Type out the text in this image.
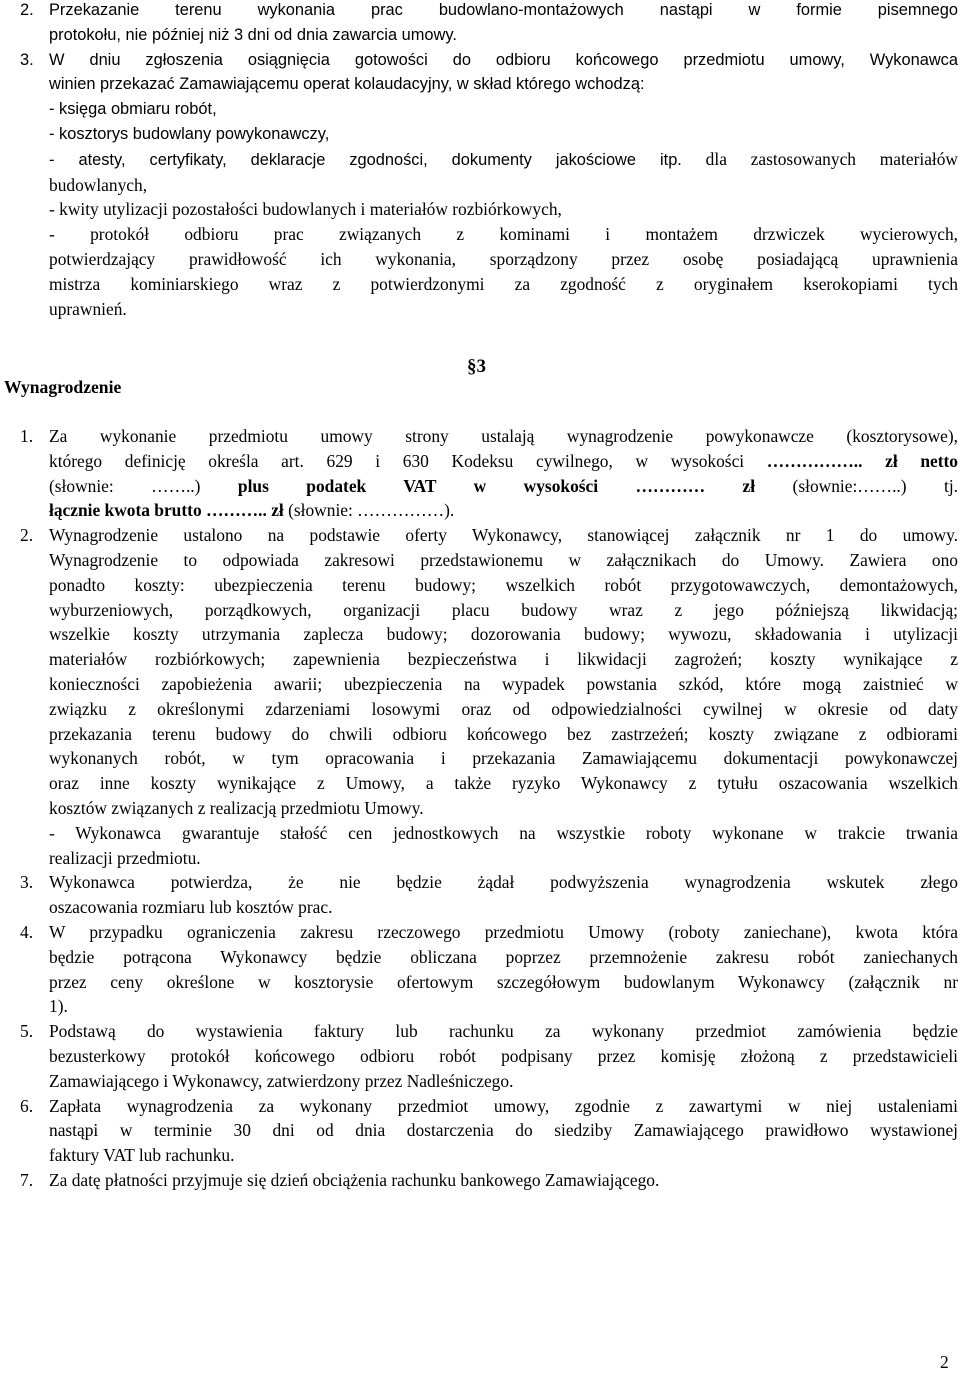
2. Przekazanie terenu wykonania prac budowlano-montażowych nastąpi w formie pisemnego
protokołu, nie później niż 3 dni od dnia zawarcia umowy.
3. W dniu zgłoszenia osiągnięcia gotowości do odbioru końcowego przedmiotu umowy, Wykonawca
winien przekazać Zamawiającemu operat kolaudacyjny, w skład którego wchodzą:
- księga obmiaru robót,
- kosztorys budowlany powykonawczy,
- atesty, certyfikaty, deklaracje zgodności, dokumenty jakościowe itp. dla zastosowanych materiałów
budowlanych,
- kwity utylizacji pozostałości budowlanych i materiałów rozbiórkowych,
- protokół odbioru prac związanych z kominami i montażem drzwiczek wycierowych,
potwierdzający prawidłowość ich wykonania, sporządzony przez osobę posiadającą uprawnienia
mistrza kominiarskiego wraz z potwierdzonymi za zgodność z oryginałem kserokopiami tych
uprawnień.
Wynagrodzenie
§3
1. Za wykonanie przedmiotu umowy strony ustalają wynagrodzenie powykonawcze (kosztorysowe),
którego definicję określa art. 629 i 630 Kodeksu cywilnego, w wysokości …………….. zł netto
(słownie: ……..) plus podatek VAT w wysokości ………… zł (słownie:……..) tj.
łącznie kwota brutto ……….. zł (słownie: ……………).
2. Wynagrodzenie ustalono na podstawie oferty Wykonawcy, stanowiącej załącznik nr 1 do umowy.
Wynagrodzenie to odpowiada zakresowi przedstawionemu w załącznikach do Umowy. Zawiera ono
ponadto koszty: ubezpieczenia terenu budowy; wszelkich robót przygotowawczych, demontażowych,
wyburzeniowych, porządkowych, organizacji placu budowy wraz z jego późniejszą likwidacją;
wszelkie koszty utrzymania zaplecza budowy; dozorowania budowy; wywozu, składowania i utylizacji
materiałów rozbiórkowych; zapewnienia bezpieczeństwa i likwidacji zagrożeń; koszty wynikające z
konieczności zapobieżenia awarii; ubezpieczenia na wypadek powstania szkód, które mogą zaistnieć w
związku z określonymi zdarzeniami losowymi oraz od odpowiedzialności cywilnej w okresie od daty
przekazania terenu budowy do chwili odbioru końcowego bez zastrzeżeń; koszty związane z odbiorami
wykonanych robót, w tym opracowania i przekazania Zamawiającemu dokumentacji powykonawczej
oraz inne koszty wynikające z Umowy, a także ryzyko Wykonawcy z tytułu oszacowania wszelkich
kosztów związanych z realizacją przedmiotu Umowy.
- Wykonawca gwarantuje stałość cen jednostkowych na wszystkie roboty wykonane w trakcie trwania
realizacji przedmiotu.
3. Wykonawca potwierdza, że nie będzie żądał podwyższenia wynagrodzenia wskutek złego
oszacowania rozmiaru lub kosztów prac.
4. W przypadku ograniczenia zakresu rzeczowego przedmiotu Umowy (roboty zaniechane), kwota która
będzie potrącona Wykonawcy będzie obliczana poprzez przemnożenie zakresu robót zaniechanych
przez ceny określone w kosztorysie ofertowym szczegółowym budowlanym Wykonawcy (załącznik nr
1).
5. Podstawą do wystawienia faktury lub rachunku za wykonany przedmiot zamówienia będzie
bezusterkowy protokół końcowego odbioru robót podpisany przez komisję złożoną z przedstawicieli
Zamawiającego i Wykonawcy, zatwierdzony przez Nadleśniczego.
6. Zapłata wynagrodzenia za wykonany przedmiot umowy, zgodnie z zawartymi w niej ustaleniami
nastąpi w terminie 30 dni od dnia dostarczenia do siedziby Zamawiającego prawidłowo wystawionej
faktury VAT lub rachunku.
7. Za datę płatności przyjmuje się dzień obciążenia rachunku bankowego Zamawiającego.
2
